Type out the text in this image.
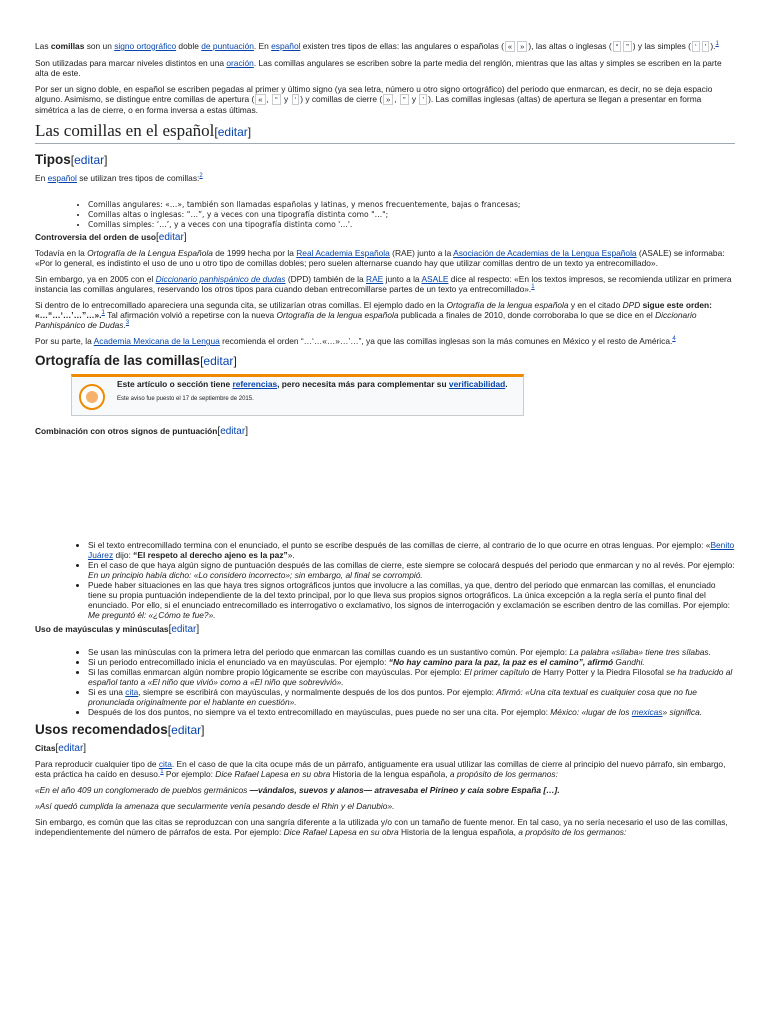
Las comillas son un signo ortográfico doble de puntuación. En español existen tres tipos de ellas: las angulares o españolas ( « » ), las altas o inglesas ( “ ” ) y las simples ( ‘ ’ ).$^1$

Son utilizadas para marcar niveles distintos en una oración. Las comillas angulares se escriben sobre la parte media del renglón, mientras que las altas y simples se escriben en la parte alta de este.

Por ser un signo doble, en español se escriben pegadas al primer y último signo (ya sea letra, número u otro signo ortográfico) del periodo que enmarcan, es decir, no se deja espacio alguno. Asimismo, se distingue entre comillas de apertura ( « , “ y ‘ ) y comillas de cierre ( » , ” y ’ ). Las comillas inglesas (altas) de apertura se llegan a presentar en forma simétrica a las de cierre, o en forma inversa a estas últimas.

Las comillas en el español[editar]
Tipos[editar]

En español se utilizan tres tipos de comillas:$^2$

• Comillas angulares: «…», también son llamadas españolas y latinas, y menos frecuentemente, bajas o francesas;
• Comillas altas o inglesas: “…”, y a veces con una tipografía distinta como "…";
• Comillas simples: ‘…’, y a veces con una tipografía distinta como '…'.
Controversia del orden de uso[editar]

Todavía en la Ortografía de la Lengua Española de 1999 hecha por la Real Academia Española (RAE) junto a la Asociación de Academias de la Lengua Española (ASALE) se informaba: «Por lo general, es indistinto el uso de uno u otro tipo de comillas dobles; pero suelen alternarse cuando hay que utilizar comillas dentro de un texto ya entrecomillado».

Sin embargo, ya en 2005 con el Diccionario panhispánico de dudas (DPD) también de la RAE junto a la ASALE dice al respecto: «En los textos impresos, se recomienda utilizar en primera instancia las comillas angulares, reservando los otros tipos para cuando deban entrecomillarse partes de un texto ya entrecomillado».$^1$

Si dentro de lo entrecomillado apareciera una segunda cita, se utilizarían otras comillas. El ejemplo dado en la Ortografía de la lengua española y en el citado DPD sigue este orden: «…“…‘…’…”…».$^1$ Tal afirmación volvió a repetirse con la nueva Ortografía de la lengua española publicada a finales de 2010, donde corroboraba lo que se dice en el Diccionario Panhispánico de Dudas.$^3$

Por su parte, la Academia Mexicana de la Lengua recomienda el orden “…‘…«…»…’…”, ya que las comillas inglesas son la más comunes en México y el resto de América.$^4$

Ortografía de las comillas[editar]
Este artículo o sección tiene referencias, pero necesita más para complementar su verificabilidad.
Este aviso fue puesto el 17 de septiembre de 2015.
Combinación con otros signos de puntuación[editar]
• Si el texto entrecomillado termina con el enunciado, el punto se escribe después de las comillas de cierre, al contrario de lo que ocurre en otras lenguas. Por ejemplo: «Benito Juárez dijo: “El respeto al derecho ajeno es la paz”».
• En el caso de que haya algún signo de puntuación después de las comillas de cierre, este siempre se colocará después del periodo que enmarcan y no al revés. Por ejemplo: En un principio había dicho: «Lo considero incorrecto»; sin embargo, al final se corrompió.
• Puede haber situaciones en las que haya tres signos ortográficos juntos que involucre a las comillas, ya que, dentro del periodo que enmarcan las comillas, el enunciado tiene su propia puntuación independiente de la del texto principal, por lo que lleva sus propios signos ortográficos. La única excepción a la regla sería el punto final del enunciado. Por ello, si el enunciado entrecomillado es interrogativo o exclamativo, los signos de interrogación y exclamación se escriben dentro de las comillas. Por ejemplo: Me preguntó él: «¿Cómo te fue?».
Uso de mayúsculas y minúsculas[editar]
• Se usan las minúsculas con la primera letra del periodo que enmarcan las comillas cuando es un sustantivo común. Por ejemplo: La palabra «sílaba» tiene tres sílabas.
• Si un periodo entrecomillado inicia el enunciado va en mayúsculas. Por ejemplo: “No hay camino para la paz, la paz es el camino”, afirmó Gandhi.
• Si las comillas enmarcan algún nombre propio lógicamente se escribe con mayúsculas. Por ejemplo: El primer capítulo de Harry Potter y la Piedra Filosofal se ha traducido al español tanto a «El niño que vivió» como a «El niño que sobrevivió».
• Si es una cita, siempre se escribirá con mayúsculas, y normalmente después de los dos puntos. Por ejemplo: Afirmó: «Una cita textual es cualquier cosa que no fue pronunciada originalmente por el hablante en cuestión».
• Después de los dos puntos, no siempre va el texto entrecomillado en mayúsculas, pues puede no ser una cita. Por ejemplo: México: «lugar de los mexicas» significa.
Usos recomendados[editar]
Citas[editar]

Para reproducir cualquier tipo de cita. En el caso de que la cita ocupe más de un párrafo, antiguamente era usual utilizar las comillas de cierre al principio del nuevo párrafo, sin embargo, esta práctica ha caído en desuso.$^1$ Por ejemplo: Dice Rafael Lapesa en su obra Historia de la lengua española, a propósito de los germanos:

«En el año 409 un conglomerado de pueblos germánicos —vándalos, suevos y alanos— atravesaba el Pirineo y caía sobre España […].

»Así quedó cumplida la amenaza que secularmente venía pesando desde el Rhin y el Danubio».

Sin embargo, es común que las citas se reproduzcan con una sangría diferente a la utilizada y/o con un tamaño de fuente menor. En tal caso, ya no sería necesario el uso de las comillas, independientemente del número de párrafos de esta. Por ejemplo: Dice Rafael Lapesa en su obra Historia de la lengua española, a propósito de los germanos:
